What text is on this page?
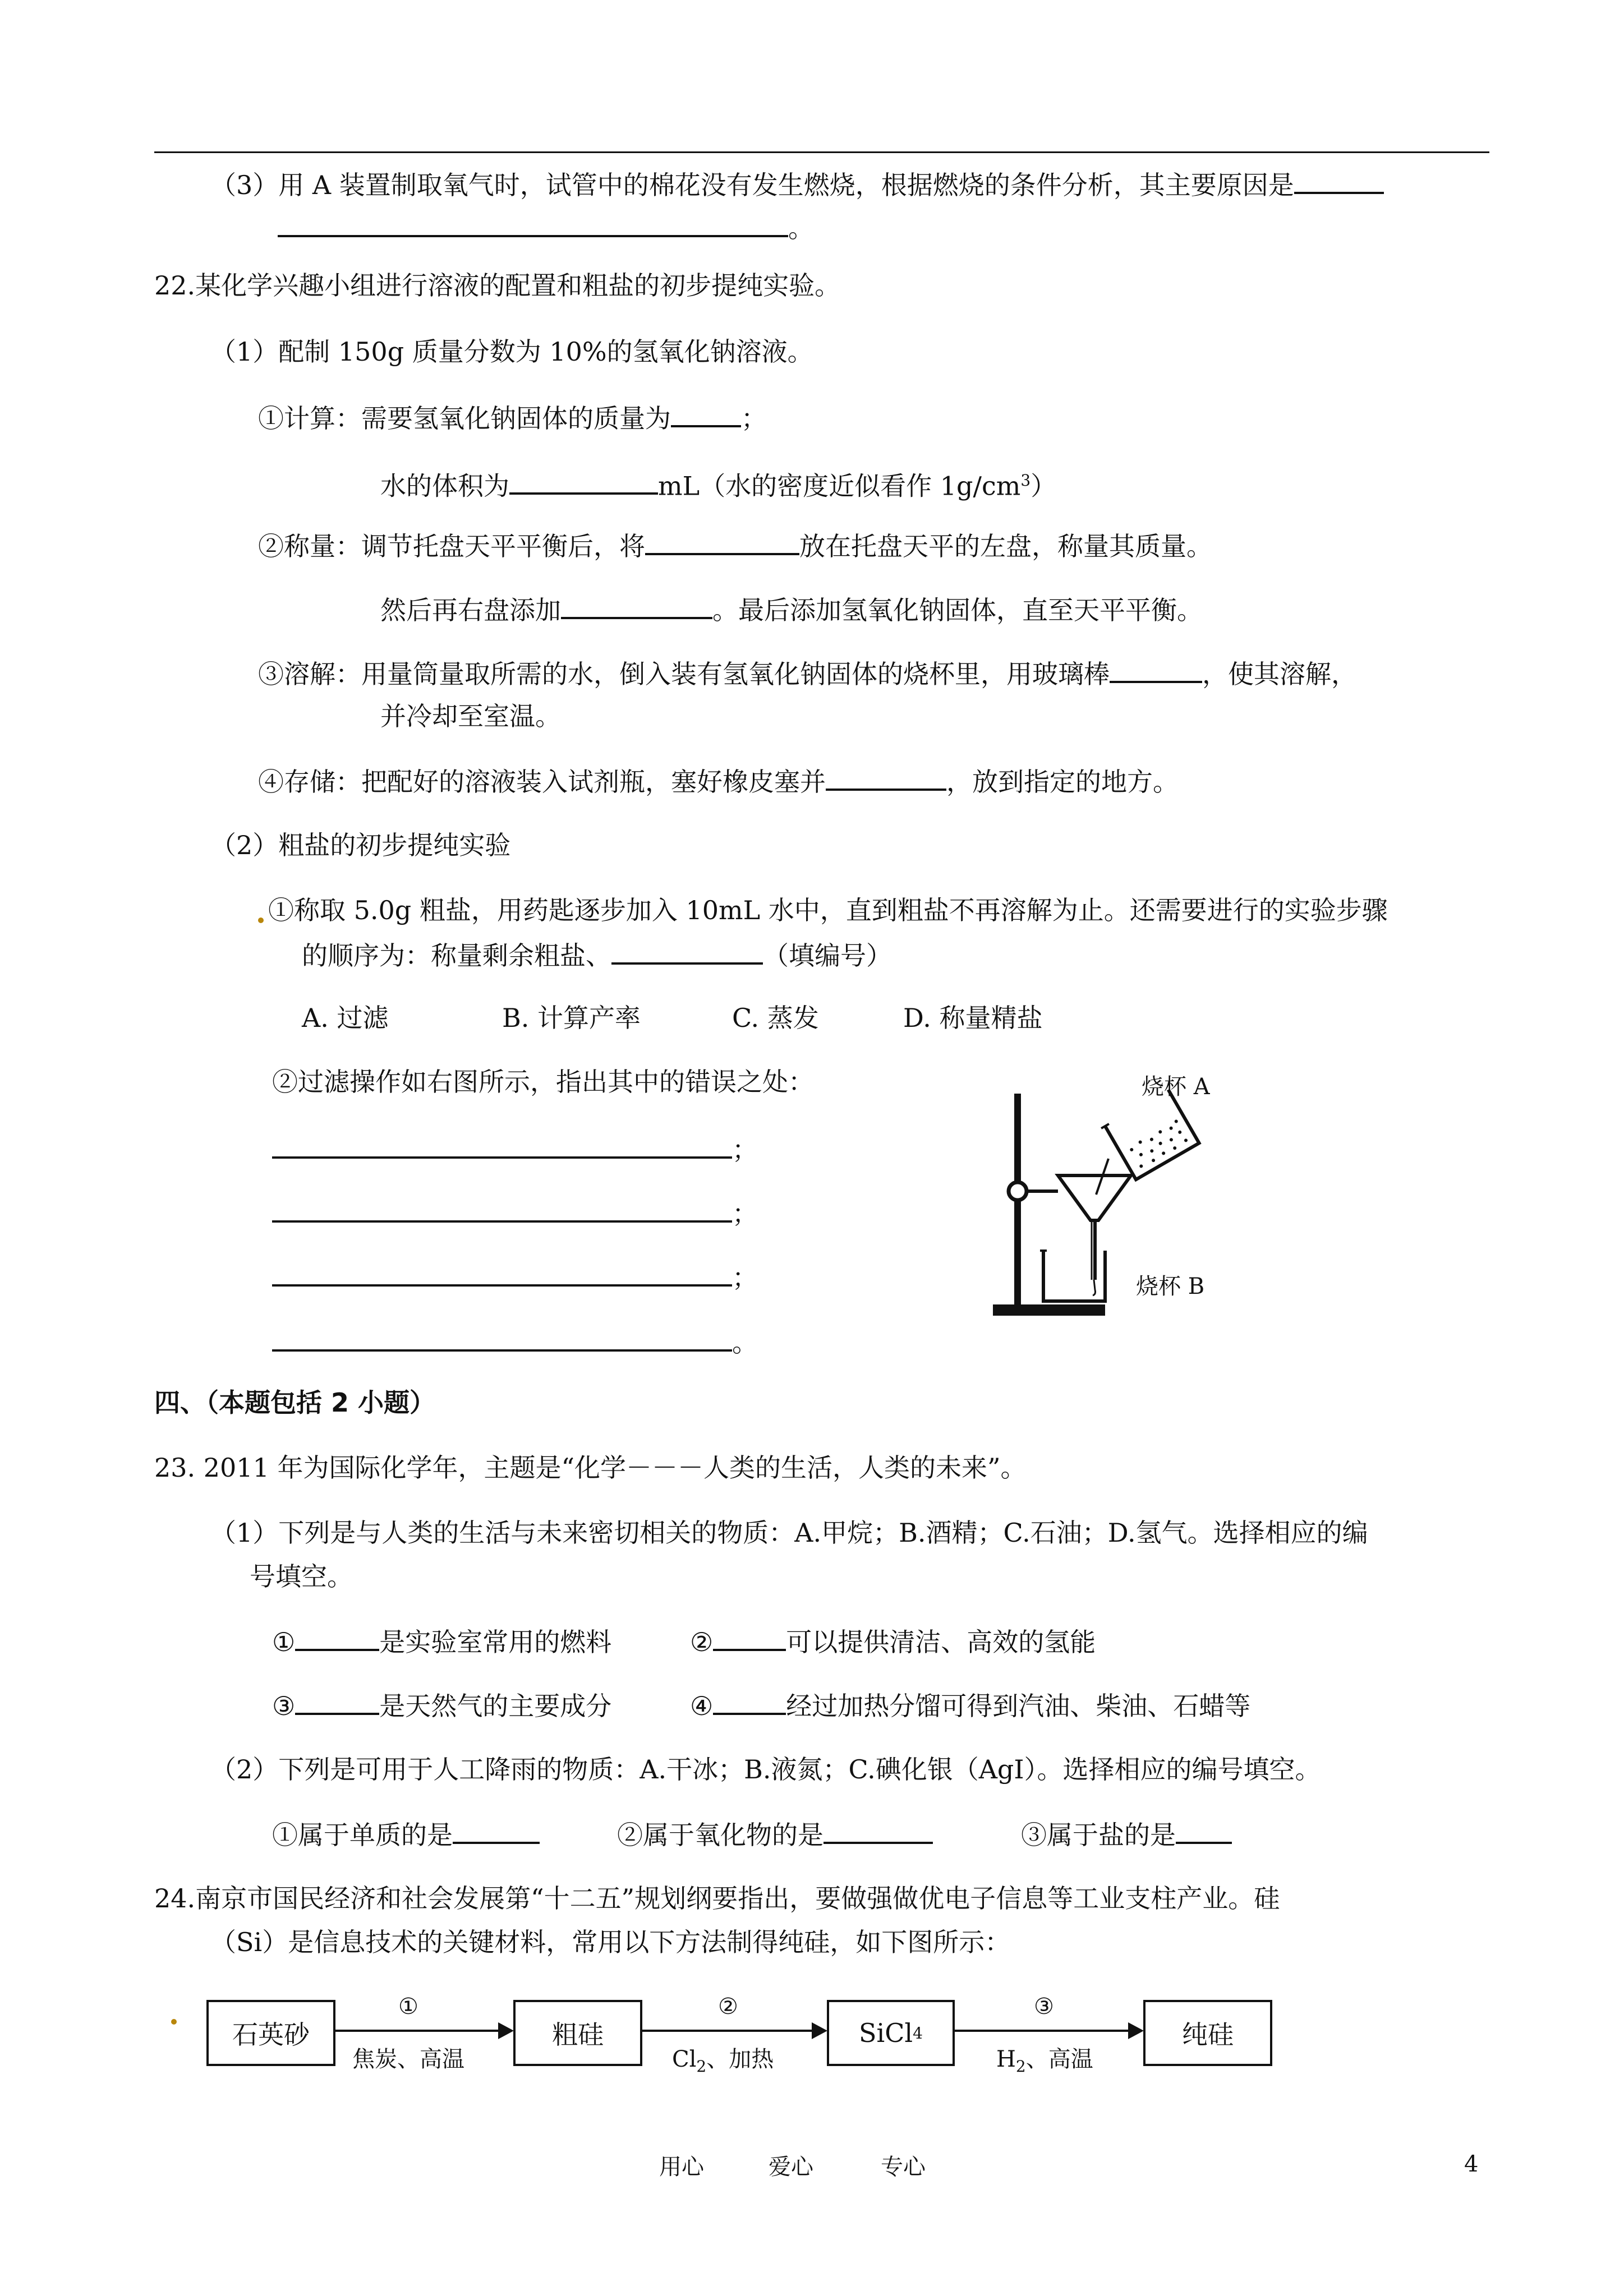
（3）用 A 装置制取氧气时，试管中的棉花没有发生燃烧，根据燃烧的条件分析，其主要原因是
。
22.某化学兴趣小组进行溶液的配置和粗盐的初步提纯实验。
（1）配制 150g 质量分数为 10%的氢氧化钠溶液。
①计算：需要氢氧化钠固体的质量为	；
水的体积为	mL（水的密度近似看作 $1g/cm^3$）
②称量：调节托盘天平平衡后，将	放在托盘天平的左盘，称量其质量。
然后再右盘添加	。最后添加氢氧化钠固体，直至天平平衡。
③溶解：用量筒量取所需的水，倒入装有氢氧化钠固体的烧杯里，用玻璃棒	，使其溶解，
并冷却至室温。
④存储：把配好的溶液装入试剂瓶，塞好橡皮塞并	，放到指定的地方。
（2）粗盐的初步提纯实验
①称取 5.0g 粗盐，用药匙逐步加入 10mL 水中，直到粗盐不再溶解为止。还需要进行的实验步骤
的顺序为：称量剩余粗盐、	（填编号）
A. 过滤	B. 计算产率	C. 蒸发	D. 称量精盐
②过滤操作如右图所示，指出其中的错误之处：
；
；
；
。
烧杯 A
烧杯 B
四、（本题包括 2 小题）
23. 2011 年为国际化学年，主题是“化学－－－人类的生活，人类的未来”。
（1）下列是与人类的生活与未来密切相关的物质：A.甲烷；B.酒精；C.石油；D.氢气。选择相应的编
号填空。
①	是实验室常用的燃料	②	可以提供清洁、高效的氢能
③	是天然气的主要成分	④	经过加热分馏可得到汽油、柴油、石蜡等
（2）下列是可用于人工降雨的物质：A.干冰；B.液氮；C.碘化银（AgI）。选择相应的编号填空。
①属于单质的是	②属于氧化物的是	③属于盐的是
24.南京市国民经济和社会发展第“十二五”规划纲要指出，要做强做优电子信息等工业支柱产业。硅
（Si）是信息技术的关键材料，常用以下方法制得纯硅，如下图所示：
石英砂	粗硅	SiCl 4	纯硅
①	②	③
焦炭、高温	$Cl_2$、加热	$H_2$、高温
用心	爱心	专心	4
